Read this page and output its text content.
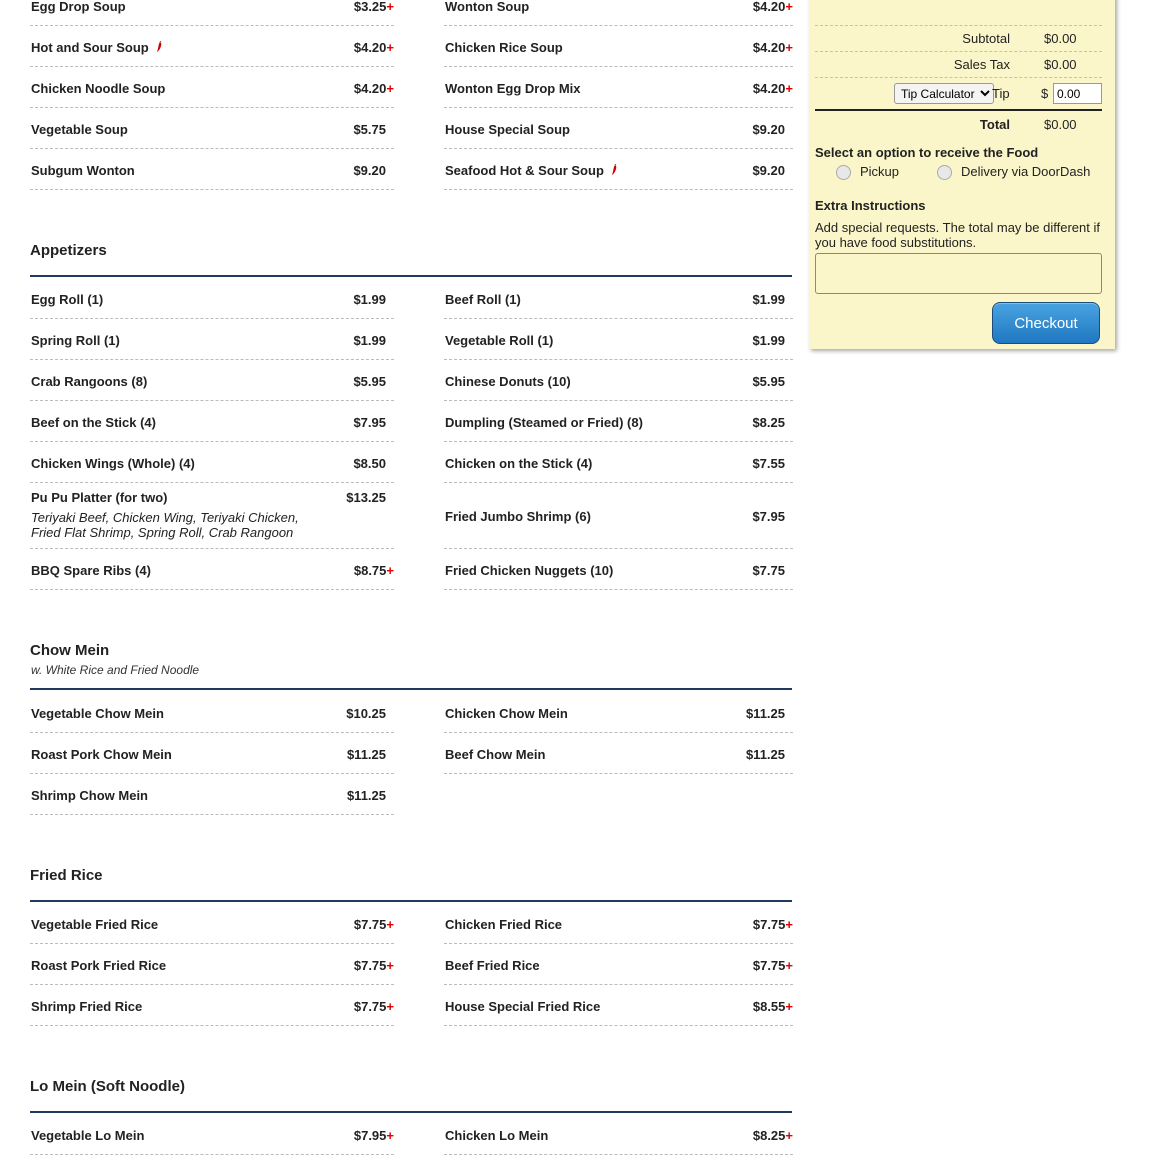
Egg Drop Soup	$3.25+	Wonton Soup	$4.20+
Hot and Sour Soup	$4.20+	Chicken Rice Soup	$4.20+
Chicken Noodle Soup	$4.20+	Wonton Egg Drop Mix	$4.20+
Vegetable Soup	$5.75	House Special Soup	$9.20
Subgum Wonton	$9.20	Seafood Hot & Sour Soup	$9.20
Appetizers
Egg Roll (1)	$1.99	Beef Roll (1)	$1.99
Spring Roll (1)	$1.99	Vegetable Roll (1)	$1.99
Crab Rangoons (8)	$5.95	Chinese Donuts (10)	$5.95
Beef on the Stick (4)	$7.95	Dumpling (Steamed or Fried) (8)	$8.25
Chicken Wings (Whole) (4)	$8.50	Chicken on the Stick (4)	$7.55
Pu Pu Platter (for two)	$13.25
Teriyaki Beef, Chicken Wing, Teriyaki Chicken, Fried Flat Shrimp, Spring Roll, Crab Rangoon
Fried Jumbo Shrimp (6)	$7.95
BBQ Spare Ribs (4)	$8.75+	Fried Chicken Nuggets (10)	$7.75
Chow Mein
w. White Rice and Fried Noodle
Vegetable Chow Mein	$10.25	Chicken Chow Mein	$11.25
Roast Pork Chow Mein	$11.25	Beef Chow Mein	$11.25
Shrimp Chow Mein	$11.25
Fried Rice
Vegetable Fried Rice	$7.75+	Chicken Fried Rice	$7.75+
Roast Pork Fried Rice	$7.75+	Beef Fried Rice	$7.75+
Shrimp Fried Rice	$7.75+	House Special Fried Rice	$8.55+
Lo Mein (Soft Noodle)
Vegetable Lo Mein	$7.95+	Chicken Lo Mein	$8.25+
Subtotal	$0.00
Sales Tax	$0.00
Tip Calculator
Tip $
0.00
Total	$0.00
Select an option to receive the Food
Pickup	Delivery via DoorDash
Extra Instructions
Add special requests. The total may be different if you have food substitutions.
Checkout
